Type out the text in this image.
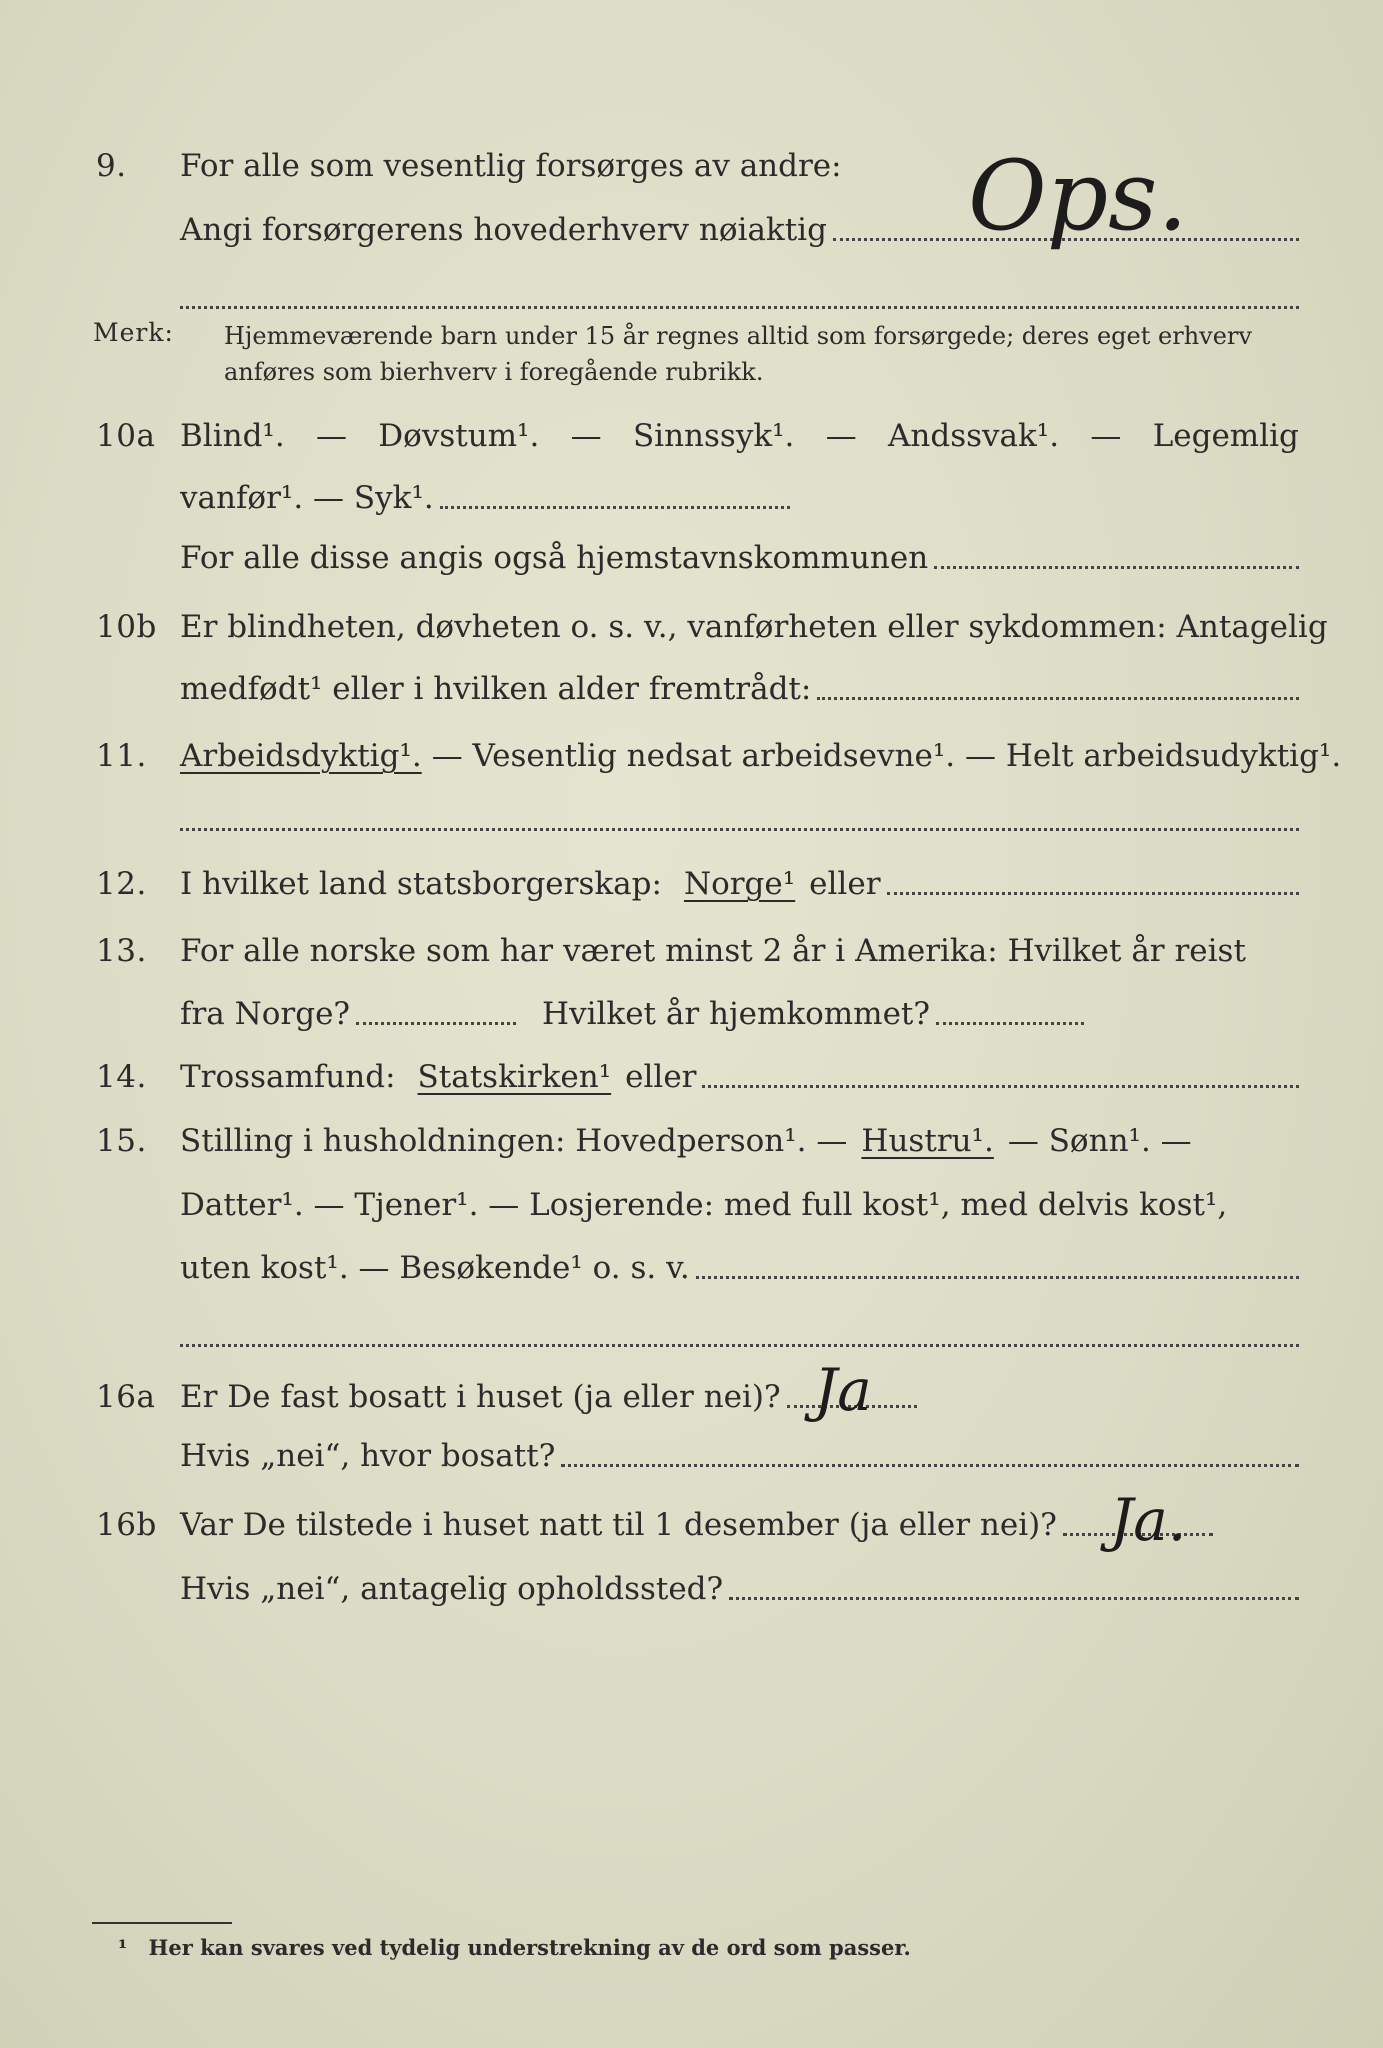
9. For alle som vesentlig forsørges av andre:
Angi forsørgerens hovederhverv nøiaktig Ops.
Merk: Hjemmeværende barn under 15 år regnes alltid som forsørgede; deres eget erhverv anføres som bierhverv i foregående rubrikk.
10a Blind¹. — Døvstum¹. — Sinnssyk¹. — Andssvak¹. — Legemlig
vanfør¹. — Syk¹.
For alle disse angis også hjemstavnskommunen
10b Er blindheten, døvheten o. s. v., vanførheten eller sykdommen: Antagelig
medfødt¹ eller i hvilken alder fremtrådt:
11. Arbeidsdyktig¹. — Vesentlig nedsat arbeidsevne¹. — Helt arbeidsudyktig¹.
12. I hvilket land statsborgerskap: Norge¹ eller
13. For alle norske som har været minst 2 år i Amerika: Hvilket år reist
fra Norge?	Hvilket år hjemkommet?
14. Trossamfund: Statskirken¹ eller
15. Stilling i husholdningen: Hovedperson¹. — Hustru¹. — Sønn¹. —
Datter¹. — Tjener¹. — Losjerende: med full kost¹, med delvis kost¹,
uten kost¹. — Besøkende¹ o. s. v.
16a Er De fast bosatt i huset (ja eller nei)? Ja
Hvis „nei“, hvor bosatt?
16b Var De tilstede i huset natt til 1 desember (ja eller nei)? Ja.
Hvis „nei“, antagelig opholdssted?
¹ Her kan svares ved tydelig understrekning av de ord som passer.
